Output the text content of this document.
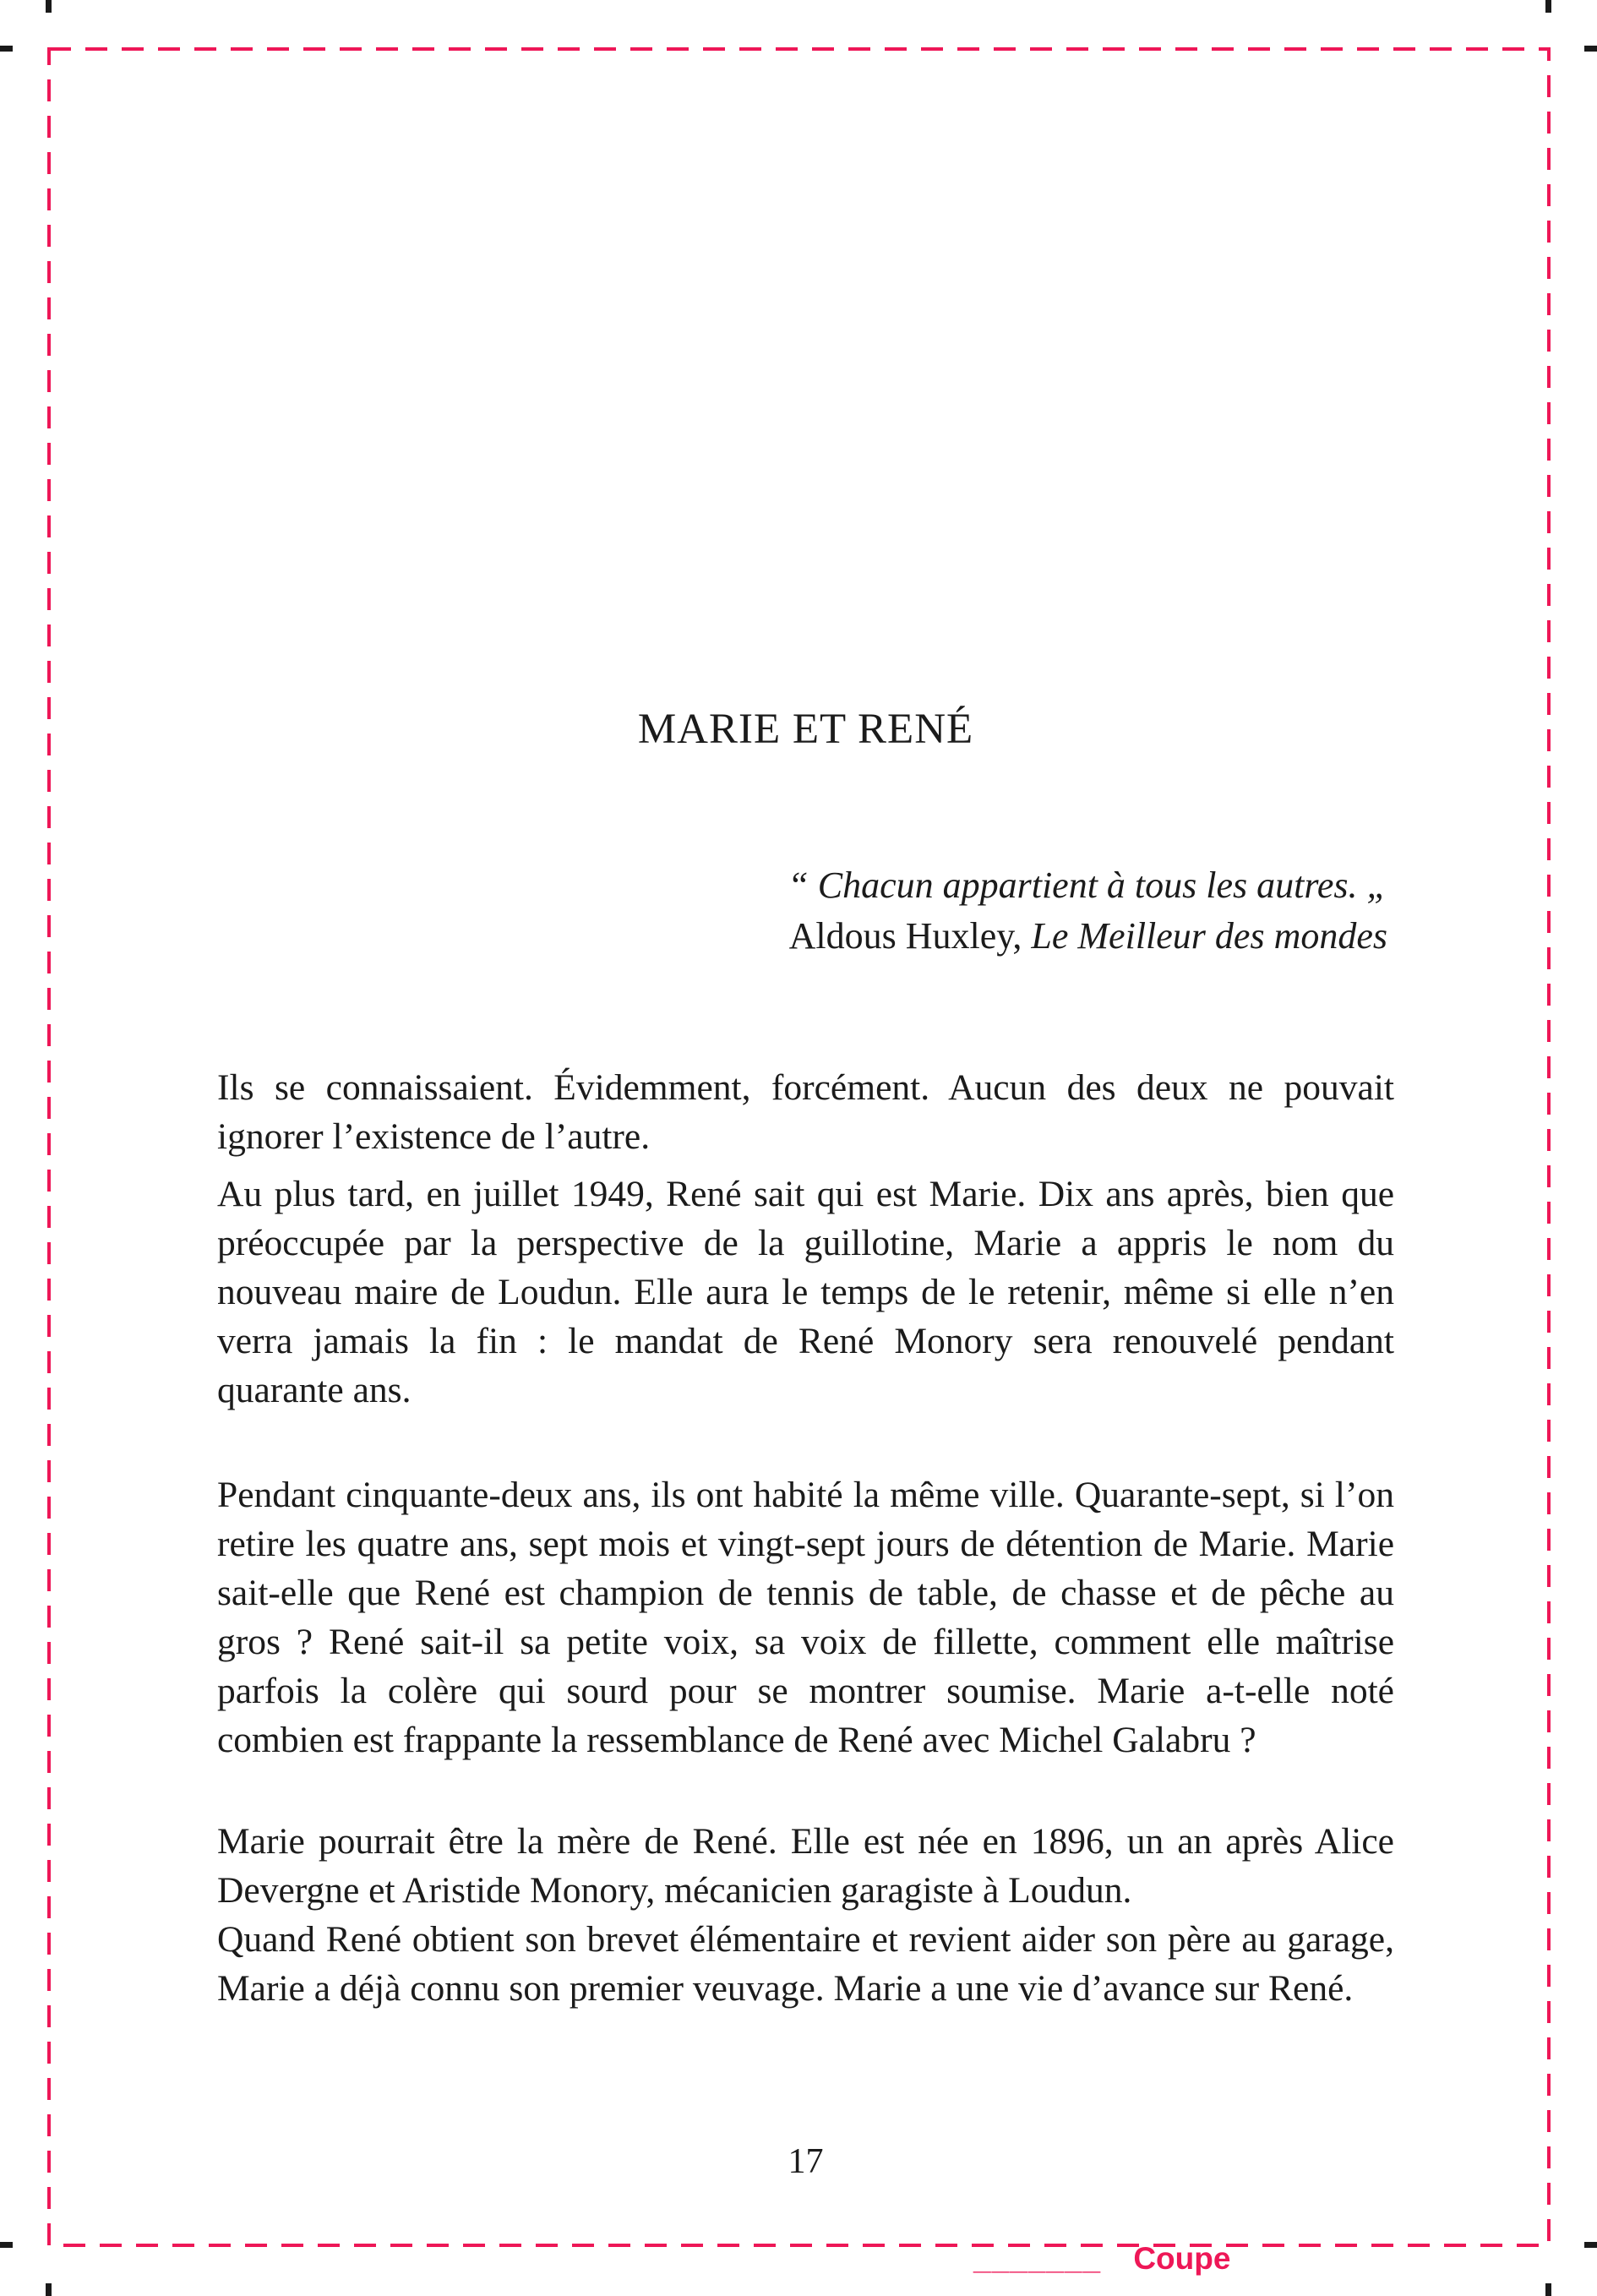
MARIE ET RENÉ
“ Chacun appartient à tous les autres. „
Aldous Huxley, Le Meilleur des mondes

Ils se connaissaient. Évidemment, forcément. Aucun des deux ne pouvait ignorer l’existence de l’autre.

Au plus tard, en juillet 1949, René sait qui est Marie. Dix ans après, bien que préoccupée par la perspective de la guillotine, Marie a appris le nom du nouveau maire de Loudun. Elle aura le temps de le retenir, même si elle n’en verra jamais la fin : le mandat de René Monory sera renouvelé pendant quarante ans.

Pendant cinquante-deux ans, ils ont habité la même ville. Quarante-sept, si l’on retire les quatre ans, sept mois et vingt-sept jours de détention de Marie. Marie sait-elle que René est champion de tennis de table, de chasse et de pêche au gros ? René sait-il sa petite voix, sa voix de fillette, comment elle maîtrise parfois la colère qui sourd pour se montrer soumise. Marie a-t-elle noté combien est frappante la ressemblance de René avec Michel Galabru ?

Marie pourrait être la mère de René. Elle est née en 1896, un an après Alice Devergne et Aristide Monory, mécanicien garagiste à Loudun.

Quand René obtient son brevet élémentaire et revient aider son père au garage, Marie a déjà connu son premier veuvage. Marie a une vie d’avance sur René.

17
_______ Coupe
